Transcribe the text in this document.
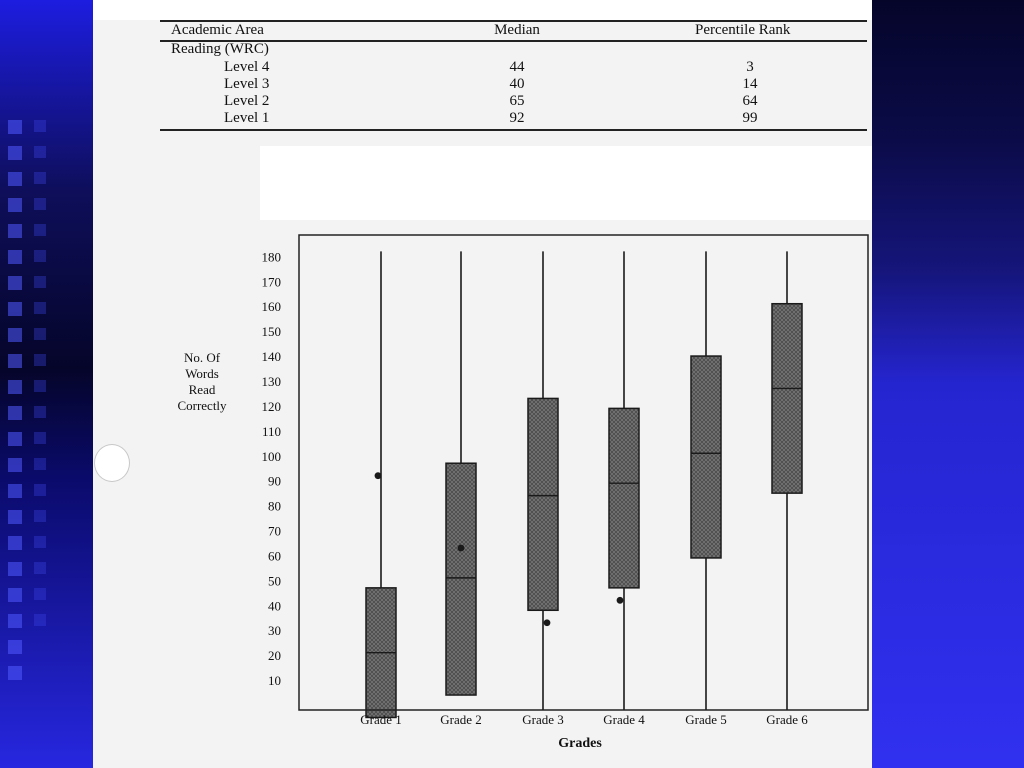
Academic Area	Median	Percentile Rank
Reading (WRC)
Level 4	44	3
Level 3	40	14
Level 2	65	64
Level 1	92	99
No. Of
Words
Read
Correctly
10
20
30
40
50
60
70
80
90
100
110
120
130
140
150
160
170
180
Grade 1	Grade 2	Grade 3	Grade 4	Grade 5	Grade 6
Grades
